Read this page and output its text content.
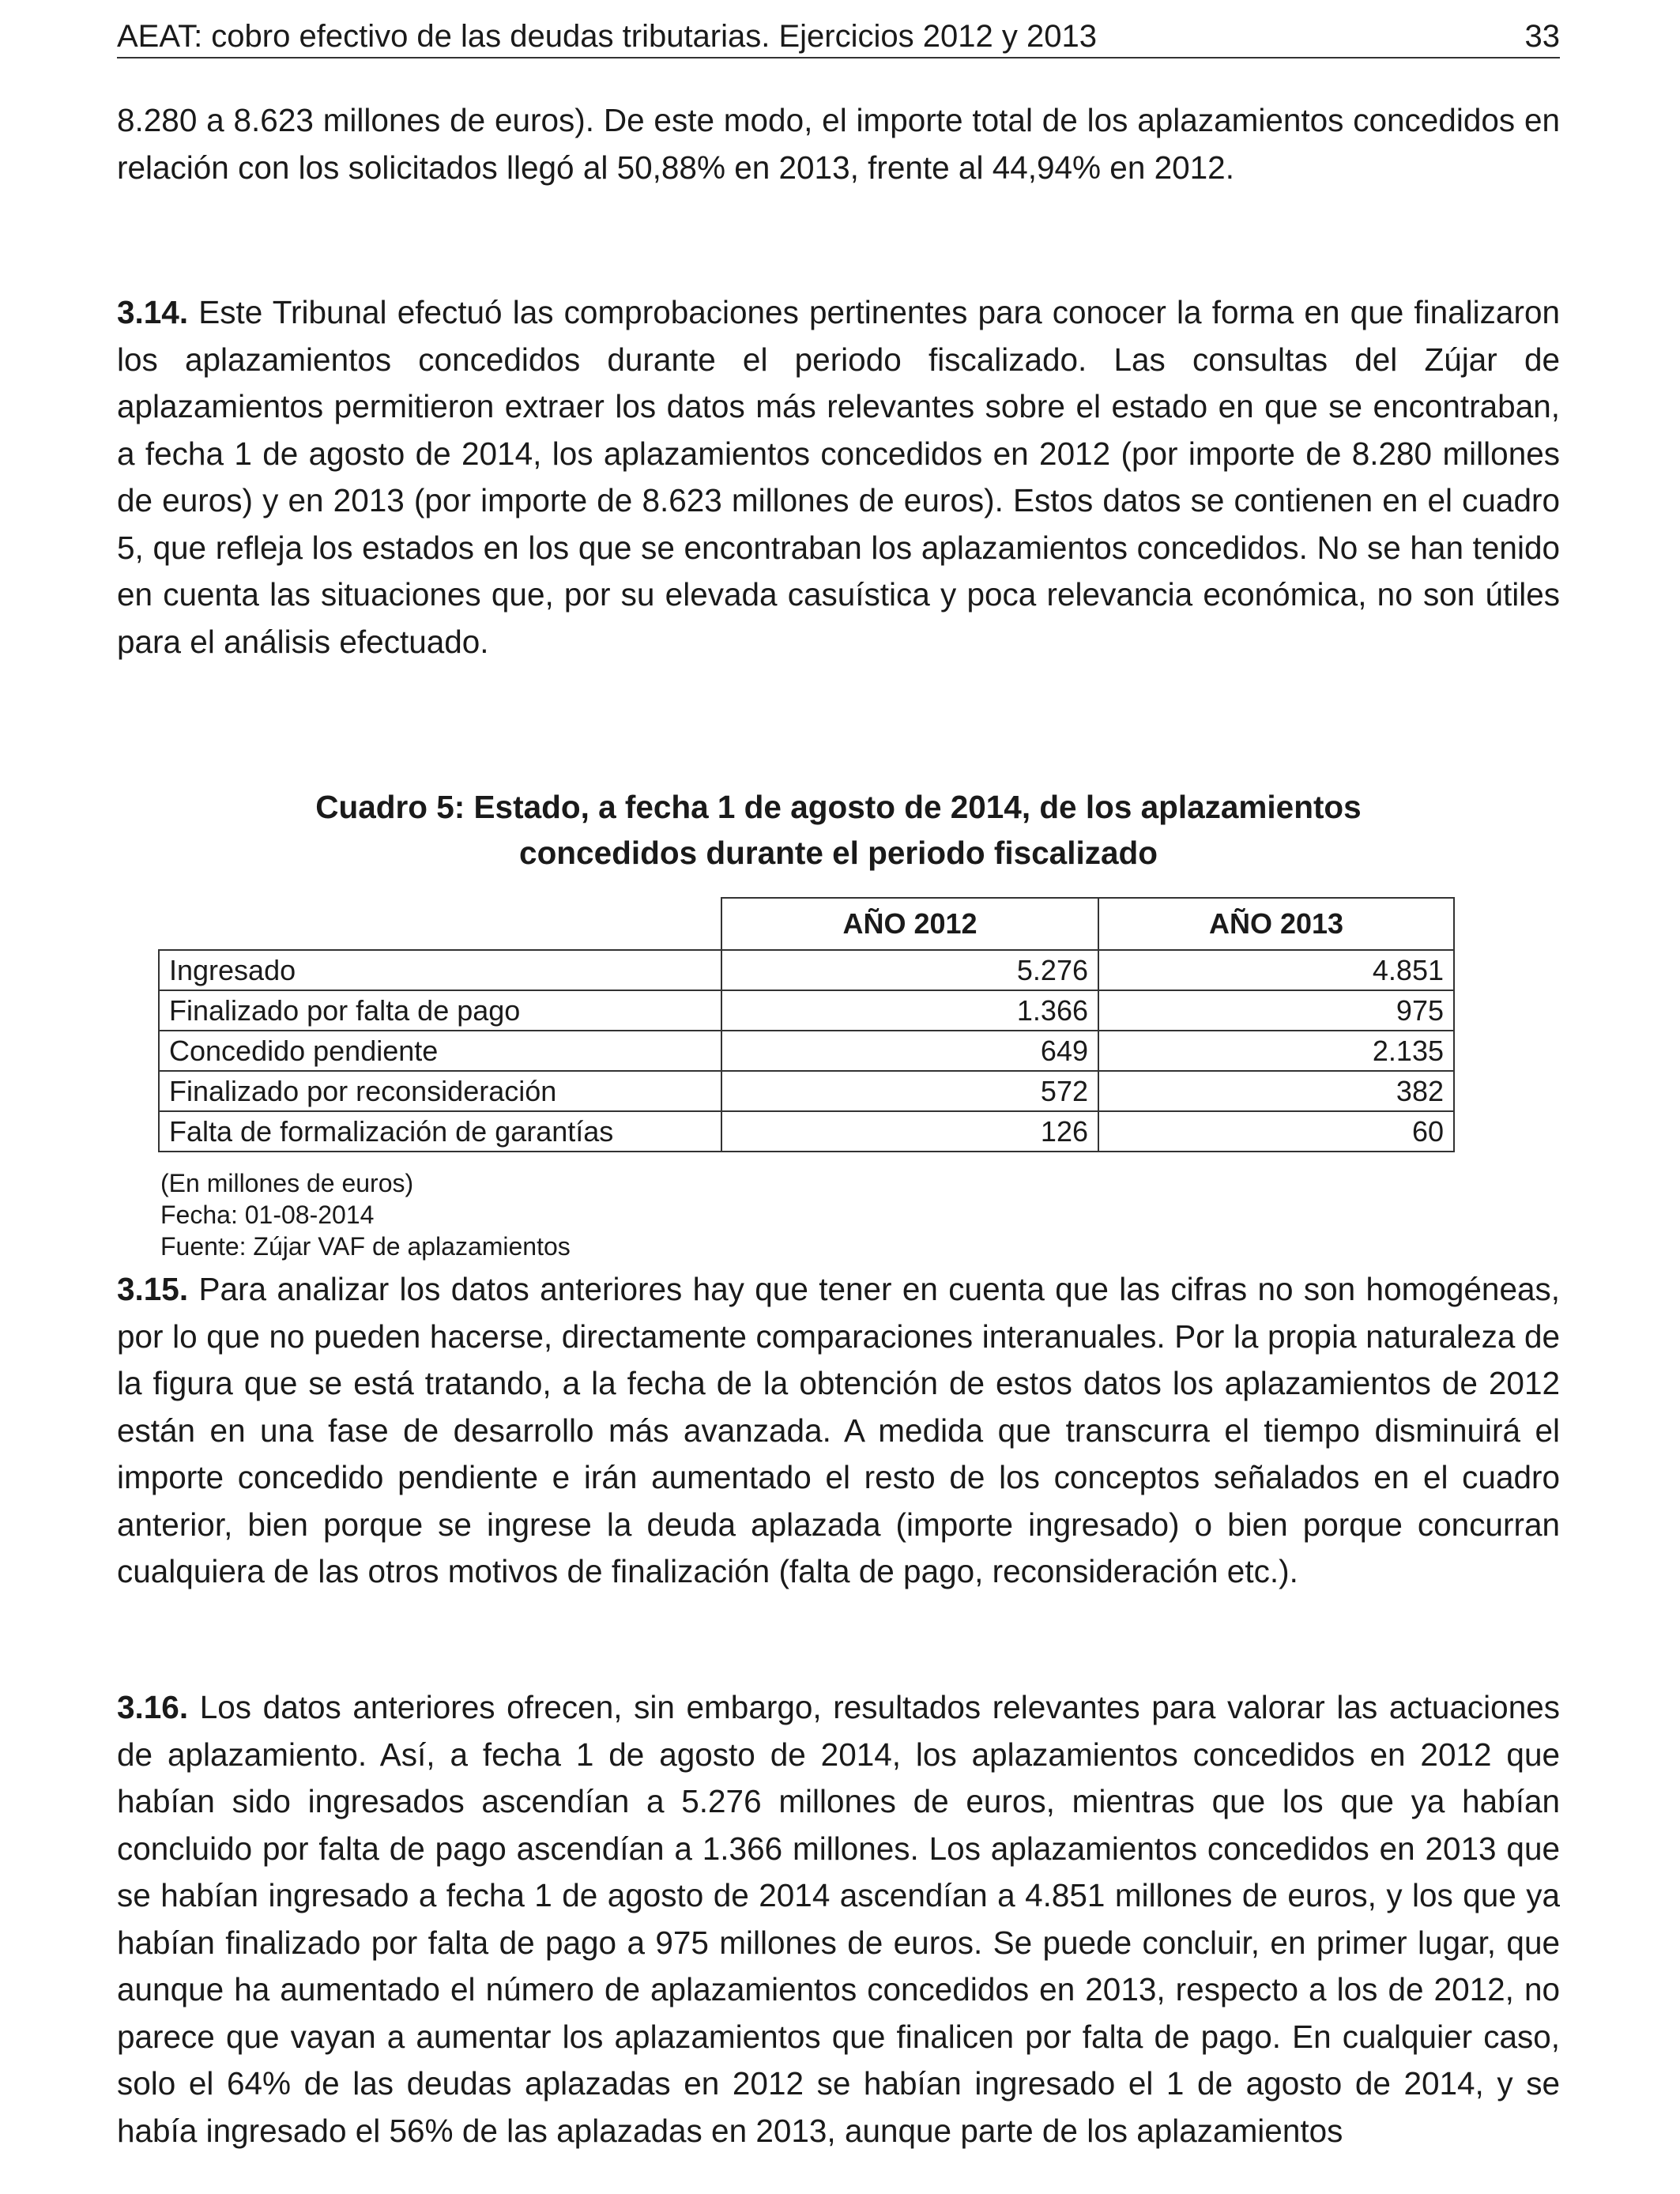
AEAT: cobro efectivo de las deudas tributarias. Ejercicios 2012 y 2013	33

8.280 a 8.623 millones de euros). De este modo, el importe total de los aplazamientos concedidos en relación con los solicitados llegó al 50,88% en 2013, frente al 44,94% en 2012.

3.14. Este Tribunal efectuó las comprobaciones pertinentes para conocer la forma en que finalizaron los aplazamientos concedidos durante el periodo fiscalizado. Las consultas del Zújar de aplazamientos permitieron extraer los datos más relevantes sobre el estado en que se encontraban, a fecha 1 de agosto de 2014, los aplazamientos concedidos en 2012 (por importe de 8.280 millones de euros) y en 2013 (por importe de 8.623 millones de euros). Estos datos se contienen en el cuadro 5, que refleja los estados en los que se encontraban los aplazamientos concedidos. No se han tenido en cuenta las situaciones que, por su elevada casuística y poca relevancia económica, no son útiles para el análisis efectuado.

Cuadro 5: Estado, a fecha 1 de agosto de 2014, de los aplazamientos
concedidos durante el periodo fiscalizado
	AÑO 2012	AÑO 2013
Ingresado	5.276	4.851
Finalizado por falta de pago	1.366	975
Concedido pendiente	649	2.135
Finalizado por reconsideración	572	382
Falta de formalización de garantías	126	60
(En millones de euros)
Fecha: 01-08-2014
Fuente: Zújar VAF de aplazamientos

3.15. Para analizar los datos anteriores hay que tener en cuenta que las cifras no son homogéneas, por lo que no pueden hacerse, directamente comparaciones interanuales. Por la propia naturaleza de la figura que se está tratando, a la fecha de la obtención de estos datos los aplazamientos de 2012 están en una fase de desarrollo más avanzada. A medida que transcurra el tiempo disminuirá el importe concedido pendiente e irán aumentado el resto de los conceptos señalados en el cuadro anterior, bien porque se ingrese la deuda aplazada (importe ingresado) o bien porque concurran cualquiera de las otros motivos de finalización (falta de pago, reconsideración etc.).

3.16. Los datos anteriores ofrecen, sin embargo, resultados relevantes para valorar las actuaciones de aplazamiento. Así, a fecha 1 de agosto de 2014, los aplazamientos concedidos en 2012 que habían sido ingresados ascendían a 5.276 millones de euros, mientras que los que ya habían concluido por falta de pago ascendían a 1.366 millones. Los aplazamientos concedidos en 2013 que se habían ingresado a fecha 1 de agosto de 2014 ascendían a 4.851 millones de euros, y los que ya habían finalizado por falta de pago a 975 millones de euros. Se puede concluir, en primer lugar, que aunque ha aumentado el número de aplazamientos concedidos en 2013, respecto a los de 2012, no parece que vayan a aumentar los aplazamientos que finalicen por falta de pago. En cualquier caso, solo el 64% de las deudas aplazadas en 2012 se habían ingresado el 1 de agosto de 2014, y se había ingresado el 56% de las aplazadas en 2013, aunque parte de los aplazamientos
